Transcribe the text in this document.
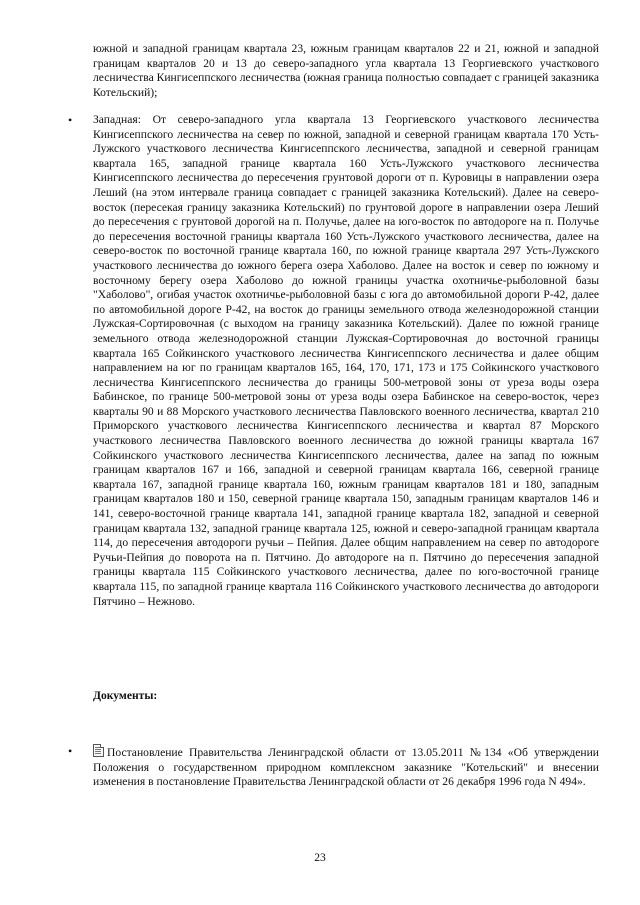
южной и западной границам квартала 23, южным границам кварталов 22 и 21, южной и западной границам кварталов 20 и 13 до северо-западного угла квартала 13 Георгиевского участкового лесничества Кингисеппского лесничества (южная граница полностью совпадает с границей заказника Котельский);

• Западная: От северо-западного угла квартала 13 Георгиевского участкового лесничества Кингисеппского лесничества на север по южной, западной и северной границам квартала 170 Усть-Лужского участкового лесничества Кингисеппского лесничества, западной и северной границам квартала 165, западной границе квартала 160 Усть-Лужского участкового лесничества Кингисеппского лесничества до пересечения грунтовой дороги от п. Куровицы в направлении озера Леший (на этом интервале граница совпадает с границей заказника Котельский). Далее на северо-восток (пересекая границу заказника Котельский) по грунтовой дороге в направлении озера Леший до пересечения с грунтовой дорогой на п. Получье, далее на юго-восток по автодороге на п. Получье до пересечения восточной границы квартала 160 Усть-Лужского участкового лесничества, далее на северо-восток по восточной границе квартала 160, по южной границе квартала 297 Усть-Лужского участкового лесничества до южного берега озера Хаболово. Далее на восток и север по южному и восточному берегу озера Хаболово до южной границы участка охотничье-рыболовной базы "Хаболово", огибая участок охотничье-рыболовной базы с юга до автомобильной дороги Р-42, далее по автомобильной дороге Р-42, на восток до границы земельного отвода железнодорожной станции Лужская-Сортировочная (с выходом на границу заказника Котельский). Далее по южной границе земельного отвода железнодорожной станции Лужская-Сортировочная до восточной границы квартала 165 Сойкинского участкового лесничества Кингисеппского лесничества и далее общим направлением на юг по границам кварталов 165, 164, 170, 171, 173 и 175 Сойкинского участкового лесничества Кингисеппского лесничества до границы 500-метровой зоны от уреза воды озера Бабинское, по границе 500-метровой зоны от уреза воды озера Бабинское на северо-восток, через кварталы 90 и 88 Морского участкового лесничества Павловского военного лесничества, квартал 210 Приморского участкового лесничества Кингисеппского лесничества и квартал 87 Морского участкового лесничества Павловского военного лесничества до южной границы квартала 167 Сойкинского участкового лесничества Кингисеппского лесничества, далее на запад по южным границам кварталов 167 и 166, западной и северной границам квартала 166, северной границе квартала 167, западной границе квартала 160, южным границам кварталов 181 и 180, западным границам кварталов 180 и 150, северной границе квартала 150, западным границам кварталов 146 и 141, северо-восточной границе квартала 141, западной границе квартала 182, западной и северной границам квартала 132, западной границе квартала 125, южной и северо-западной границам квартала 114, до пересечения автодороги ручьи – Пейпия. Далее общим направлением на север по автодороге Ручьи-Пейпия до поворота на п. Пятчино. До автодороге на п. Пятчино до пересечения западной границы квартала 115 Сойкинского участкового лесничества, далее по юго-восточной границе квартала 115, по западной границе квартала 116 Сойкинского участкового лесничества до автодороги Пятчино – Нежново.

Документы:

•	Постановление Правительства Ленинградской области от 13.05.2011 №134 «Об утверждении Положения о государственном природном комплексном заказнике "Котельский" и внесении изменения в постановление Правительства Ленинградской области от 26 декабря 1996 года N 494».

23
